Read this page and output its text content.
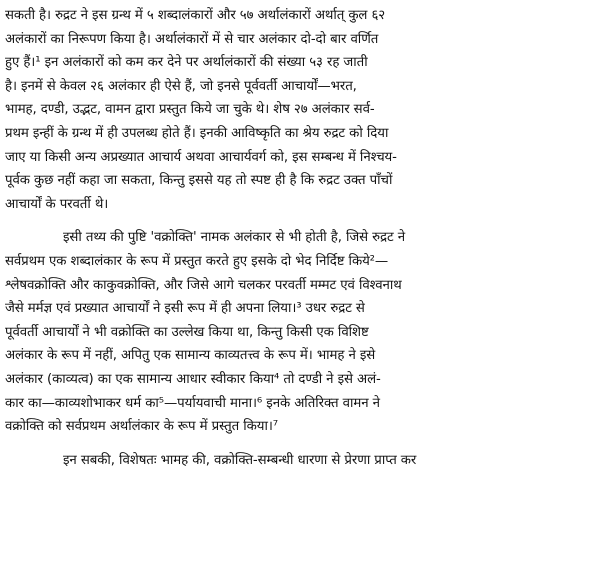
सकती है। रुद्रट ने इस ग्रन्थ में ५ शब्दालंकारों और ५७ अर्थालंकारों अर्थात् कुल ६२
अलंकारों का निरूपण किया है। अर्थालंकारों में से चार अलंकार दो-दो बार वर्णित
हुए हैं।¹ इन अलंकारों को कम कर देने पर अर्थालंकारों की संख्या ५३ रह जाती
है। इनमें से केवल २६ अलंकार ही ऐसे हैं, जो इनसे पूर्ववर्ती आचार्यों—भरत,
भामह, दण्डी, उद्भट, वामन द्वारा प्रस्तुत किये जा चुके थे। शेष २७ अलंकार सर्व-
प्रथम इन्हीं के ग्रन्थ में ही उपलब्ध होते हैं। इनकी आविष्कृति का श्रेय रुद्रट को दिया
जाए या किसी अन्य अप्रख्यात आचार्य अथवा आचार्यवर्ग को, इस सम्बन्ध में निश्चय-
पूर्वक कुछ नहीं कहा जा सकता, किन्तु इससे यह तो स्पष्ट ही है कि रुद्रट उक्त पाँचों
आचार्यों के परवर्ती थे।
इसी तथ्य की पुष्टि 'वक्रोक्ति' नामक अलंकार से भी होती है, जिसे रुद्रट ने
सर्वप्रथम एक शब्दालंकार के रूप में प्रस्तुत करते हुए इसके दो भेद निर्दिष्ट किये²—
श्लेषवक्रोक्ति और काकुवक्रोक्ति, और जिसे आगे चलकर परवर्ती मम्मट एवं विश्वनाथ
जैसे मर्मज्ञ एवं प्रख्यात आचार्यों ने इसी रूप में ही अपना लिया।³ उधर रुद्रट से
पूर्ववर्ती आचार्यों ने भी वक्रोक्ति का उल्लेख किया था, किन्तु किसी एक विशिष्ट
अलंकार के रूप में नहीं, अपितु एक सामान्य काव्यतत्त्व के रूप में। भामह ने इसे
अलंकार (काव्यत्व) का एक सामान्य आधार स्वीकार किया⁴ तो दण्डी ने इसे अलं-
कार का—काव्यशोभाकर धर्म का⁵—पर्यायवाची माना।⁶ इनके अतिरिक्त वामन ने
वक्रोक्ति को सर्वप्रथम अर्थालंकार के रूप में प्रस्तुत किया।⁷
इन सबकी, विशेषतः भामह की, वक्रोक्ति-सम्बन्धी धारणा से प्रेरणा प्राप्त कर
